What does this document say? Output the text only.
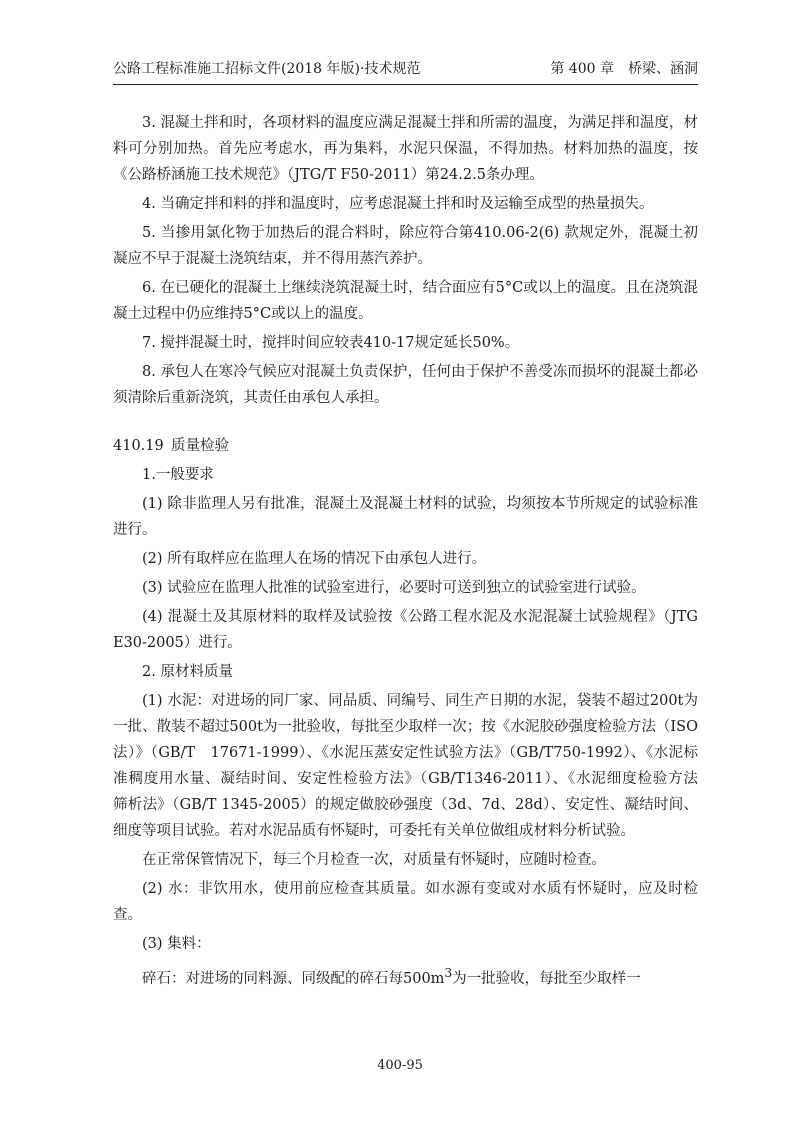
公路工程标准施工招标文件(2018 年版)·技术规范	第 400 章　桥梁、涵洞

3. 混凝土拌和时，各项材料的温度应满足混凝土拌和所需的温度，为满足拌和温度，材料可分别加热。首先应考虑水，再为集料，水泥只保温，不得加热。材料加热的温度，按《公路桥涵施工技术规范》（JTG/T F50-2011）第24.2.5条办理。

4. 当确定拌和料的拌和温度时，应考虑混凝土拌和时及运输至成型的热量损失。

5. 当掺用氯化物于加热后的混合料时，除应符合第410.06-2(6) 款规定外，混凝土初凝应不早于混凝土浇筑结束，并不得用蒸汽养护。

6. 在已硬化的混凝土上继续浇筑混凝土时，结合面应有5°C或以上的温度。且在浇筑混凝土过程中仍应维持5°C或以上的温度。

7. 搅拌混凝土时，搅拌时间应较表410-17规定延长50%。

8. 承包人在寒冷气候应对混凝土负责保护，任何由于保护不善受冻而损坏的混凝土都必须清除后重新浇筑，其责任由承包人承担。

410.19 质量检验

1.一般要求

(1) 除非监理人另有批准，混凝土及混凝土材料的试验，均须按本节所规定的试验标准进行。

(2) 所有取样应在监理人在场的情况下由承包人进行。

(3) 试验应在监理人批准的试验室进行，必要时可送到独立的试验室进行试验。

(4) 混凝土及其原材料的取样及试验按《公路工程水泥及水泥混凝土试验规程》（JTG E30-2005）进行。

2. 原材料质量

(1) 水泥：对进场的同厂家、同品质、同编号、同生产日期的水泥，袋装不超过200t为一批、散装不超过500t为一批验收，每批至少取样一次；按《水泥胶砂强度检验方法（ISO法）》（GB/T　17671-1999）、《水泥压蒸安定性试验方法》（GB/T750-1992）、《水泥标准稠度用水量、凝结时间、安定性检验方法》（GB/T1346-2011）、《水泥细度检验方法　筛析法》（GB/T 1345-2005）的规定做胶砂强度（3d、7d、28d）、安定性、凝结时间、细度等项目试验。若对水泥品质有怀疑时，可委托有关单位做组成材料分析试验。

在正常保管情况下，每三个月检查一次，对质量有怀疑时，应随时检查。

(2) 水：非饮用水，使用前应检查其质量。如水源有变或对水质有怀疑时，应及时检查。

(3) 集料：

碎石：对进场的同料源、同级配的碎石每$500m^3$为一批验收，每批至少取样一

400-95
